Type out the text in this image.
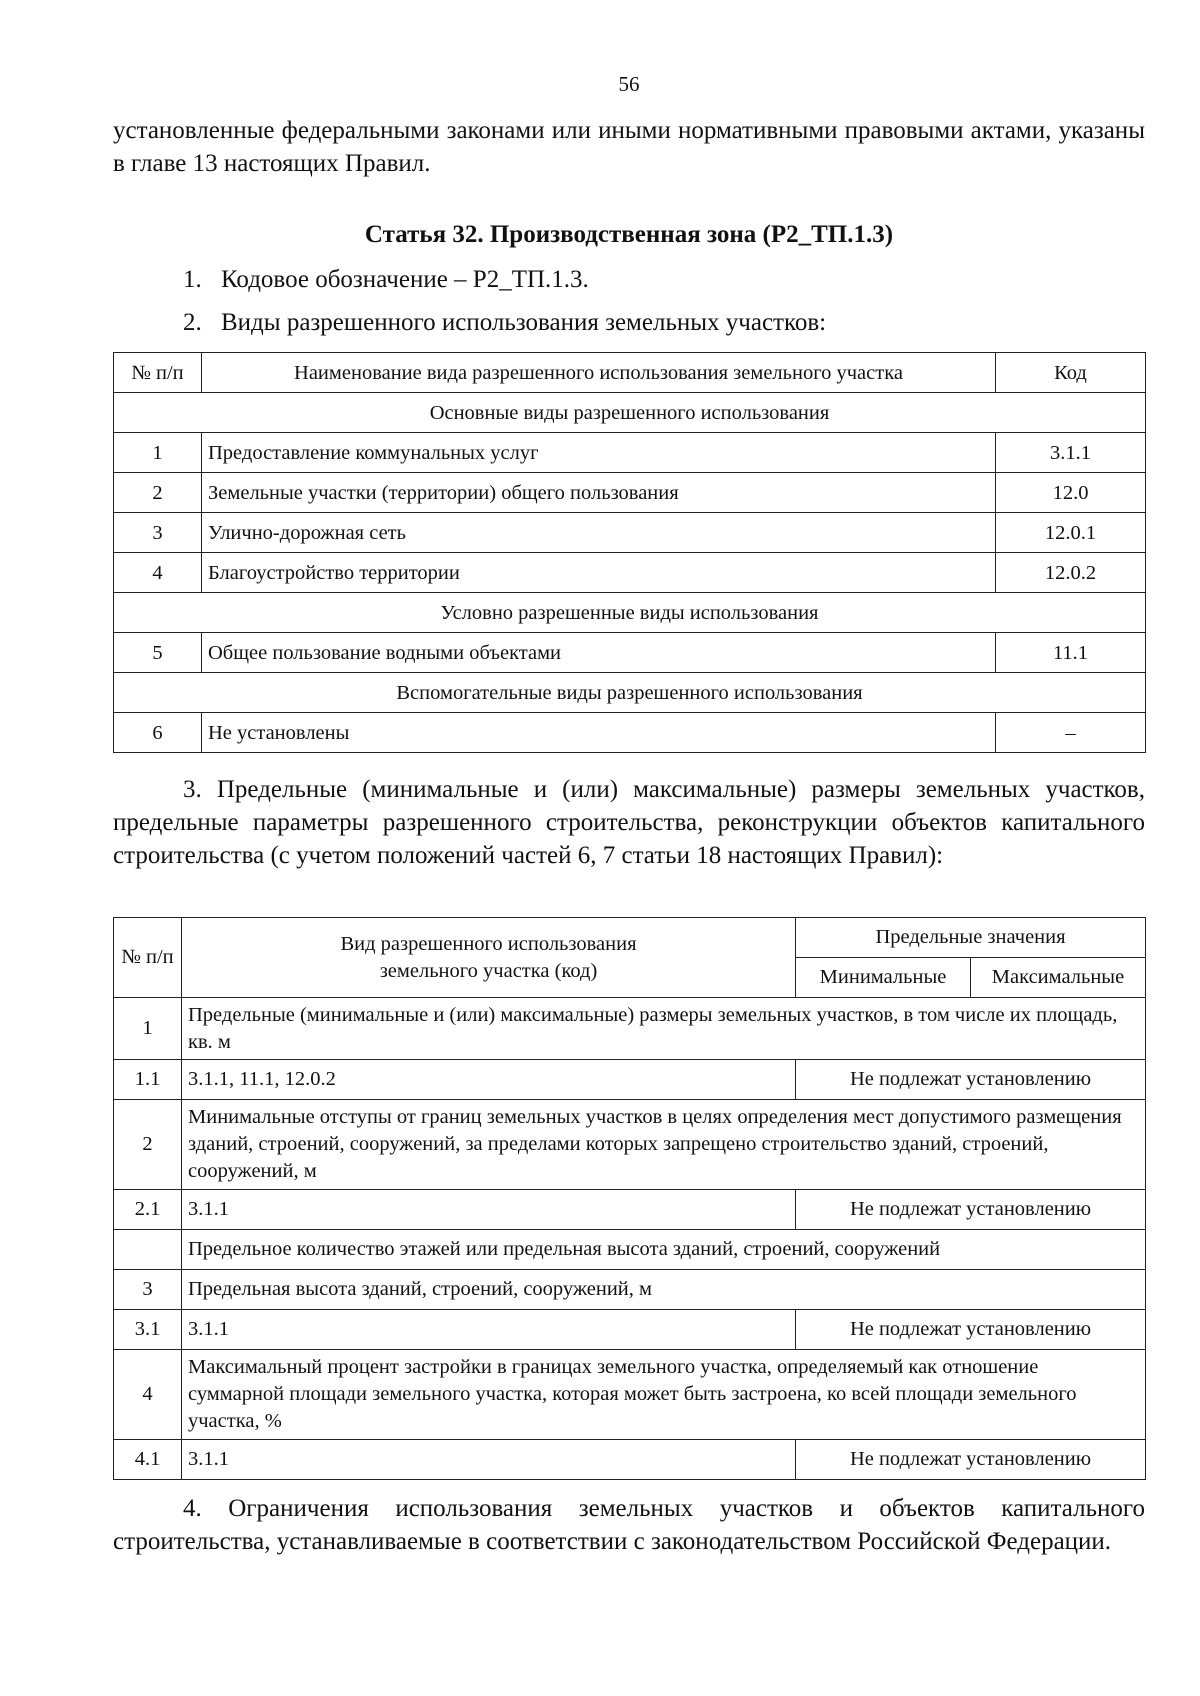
56
установленные федеральными законами или иными нормативными правовыми актами, указаны в главе 13 настоящих Правил.
Статья 32. Производственная зона (Р2_ТП.1.3)
1. Кодовое обозначение – Р2_ТП.1.3.
2. Виды разрешенного использования земельных участков:
№ п/п	Наименование вида разрешенного использования земельного участка	Код
Основные виды разрешенного использования		
1	Предоставление коммунальных услуг	3.1.1
2	Земельные участки (территории) общего пользования	12.0
3	Улично-дорожная сеть	12.0.1
4	Благоустройство территории	12.0.2
Условно разрешенные виды использования		
5	Общее пользование водными объектами	11.1
Вспомогательные виды разрешенного использования		
6	Не установлены	–
3. Предельные (минимальные и (или) максимальные) размеры земельных участков, предельные параметры разрешенного строительства, реконструкции объектов капитального строительства (с учетом положений частей 6, 7 статьи 18 настоящих Правил):
№ п/п	Вид разрешенного использования земельного участка (код)	Предельные значения	
		Минимальные	Максимальные
1	Предельные (минимальные и (или) максимальные) размеры земельных участков, в том числе их площадь, кв. м		
1.1	3.1.1, 11.1, 12.0.2	Не подлежат установлению	
2	Минимальные отступы от границ земельных участков в целях определения мест допустимого размещения зданий, строений, сооружений, за пределами которых запрещено строительство зданий, строений, сооружений, м		
2.1	3.1.1	Не подлежат установлению	
	Предельное количество этажей или предельная высота зданий, строений, сооружений		
3	Предельная высота зданий, строений, сооружений, м		
3.1	3.1.1	Не подлежат установлению	
4	Максимальный процент застройки в границах земельного участка, определяемый как отношение суммарной площади земельного участка, которая может быть застроена, ко всей площади земельного участка, %		
4.1	3.1.1	Не подлежат установлению	
4. Ограничения использования земельных участков и объектов капитального строительства, устанавливаемые в соответствии с законодательством Российской Федерации.
